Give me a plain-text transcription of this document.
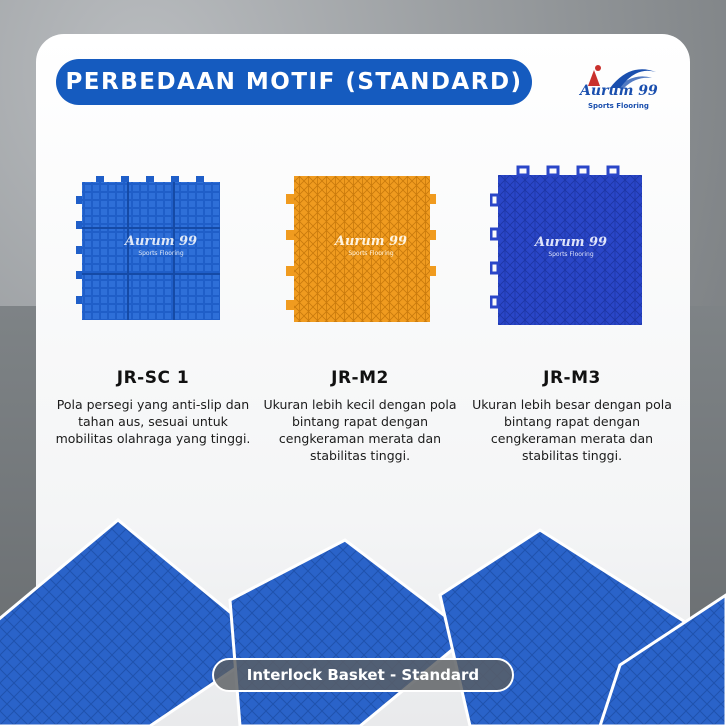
PERBEDAAN MOTIF (STANDARD)	Aurum 99
Sports Flooring
Aurum 99
Sports Flooring
Aurum 99
Sports Flooring
Aurum 99
Sports Flooring
JR-SC 1
Pola persegi yang anti-slip dan tahan aus, sesuai untuk mobilitas olahraga yang tinggi.
JR-M2
Ukuran lebih kecil dengan pola bintang rapat dengan cengkeraman merata dan stabilitas tinggi.
JR-M3
Ukuran lebih besar dengan pola bintang rapat dengan cengkeraman merata dan stabilitas tinggi.
Interlock Basket - Standard
